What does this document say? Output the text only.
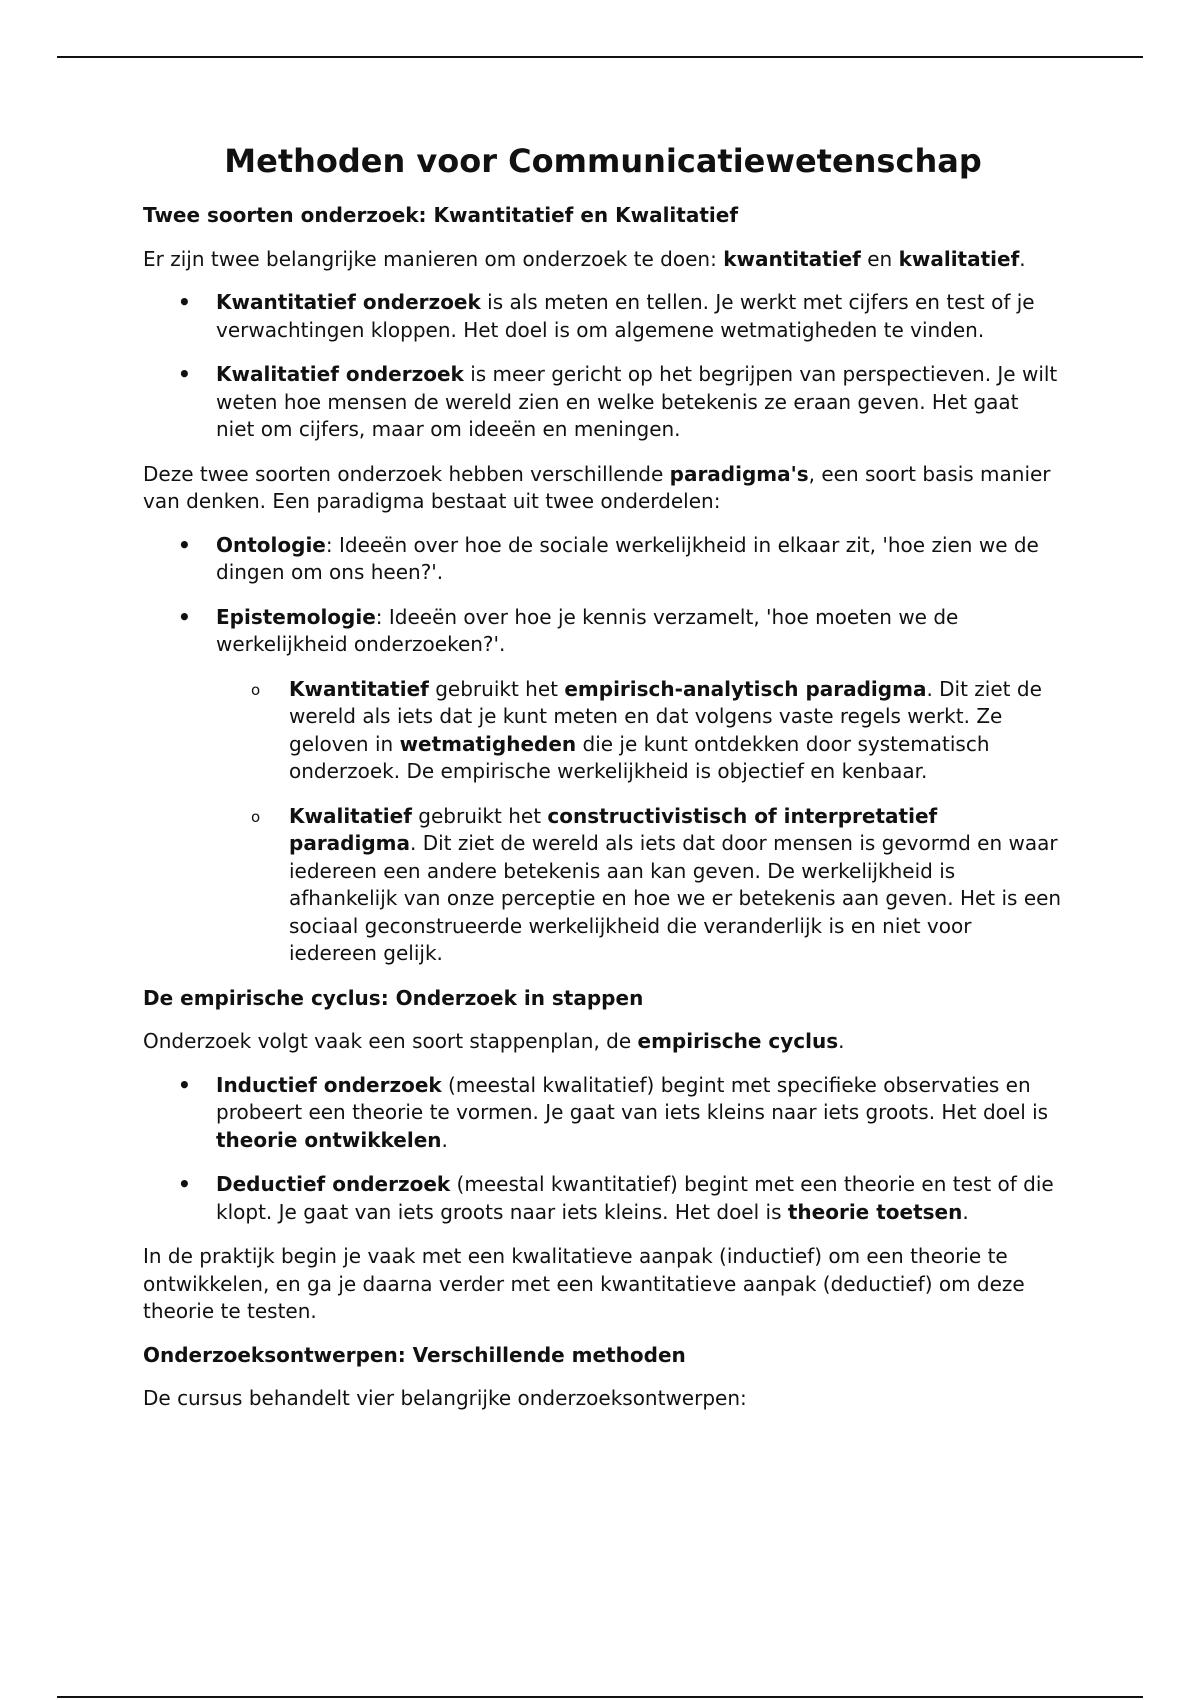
Methoden voor Communicatiewetenschap
Twee soorten onderzoek: Kwantitatief en Kwalitatief

Er zijn twee belangrijke manieren om onderzoek te doen: kwantitatief en kwalitatief.

• Kwantitatief onderzoek is als meten en tellen. Je werkt met cijfers en test of je verwachtingen kloppen. Het doel is om algemene wetmatigheden te vinden.
• Kwalitatief onderzoek is meer gericht op het begrijpen van perspectieven. Je wilt weten hoe mensen de wereld zien en welke betekenis ze eraan geven. Het gaat niet om cijfers, maar om ideeën en meningen.

Deze twee soorten onderzoek hebben verschillende paradigma's, een soort basis manier van denken. Een paradigma bestaat uit twee onderdelen:

• Ontologie: Ideeën over hoe de sociale werkelijkheid in elkaar zit, 'hoe zien we de dingen om ons heen?'.
• Epistemologie: Ideeën over hoe je kennis verzamelt, 'hoe moeten we de werkelijkheid onderzoeken?'.
o Kwantitatief gebruikt het empirisch-analytisch paradigma. Dit ziet de wereld als iets dat je kunt meten en dat volgens vaste regels werkt. Ze geloven in wetmatigheden die je kunt ontdekken door systematisch onderzoek. De empirische werkelijkheid is objectief en kenbaar.
o Kwalitatief gebruikt het constructivistisch of interpretatief paradigma. Dit ziet de wereld als iets dat door mensen is gevormd en waar iedereen een andere betekenis aan kan geven. De werkelijkheid is afhankelijk van onze perceptie en hoe we er betekenis aan geven. Het is een sociaal geconstrueerde werkelijkheid die veranderlijk is en niet voor iedereen gelijk.
De empirische cyclus: Onderzoek in stappen

Onderzoek volgt vaak een soort stappenplan, de empirische cyclus.

• Inductief onderzoek (meestal kwalitatief) begint met specifieke observaties en probeert een theorie te vormen. Je gaat van iets kleins naar iets groots. Het doel is theorie ontwikkelen.
• Deductief onderzoek (meestal kwantitatief) begint met een theorie en test of die klopt. Je gaat van iets groots naar iets kleins. Het doel is theorie toetsen.

In de praktijk begin je vaak met een kwalitatieve aanpak (inductief) om een theorie te ontwikkelen, en ga je daarna verder met een kwantitatieve aanpak (deductief) om deze theorie te testen.

Onderzoeksontwerpen: Verschillende methoden

De cursus behandelt vier belangrijke onderzoeksontwerpen:
